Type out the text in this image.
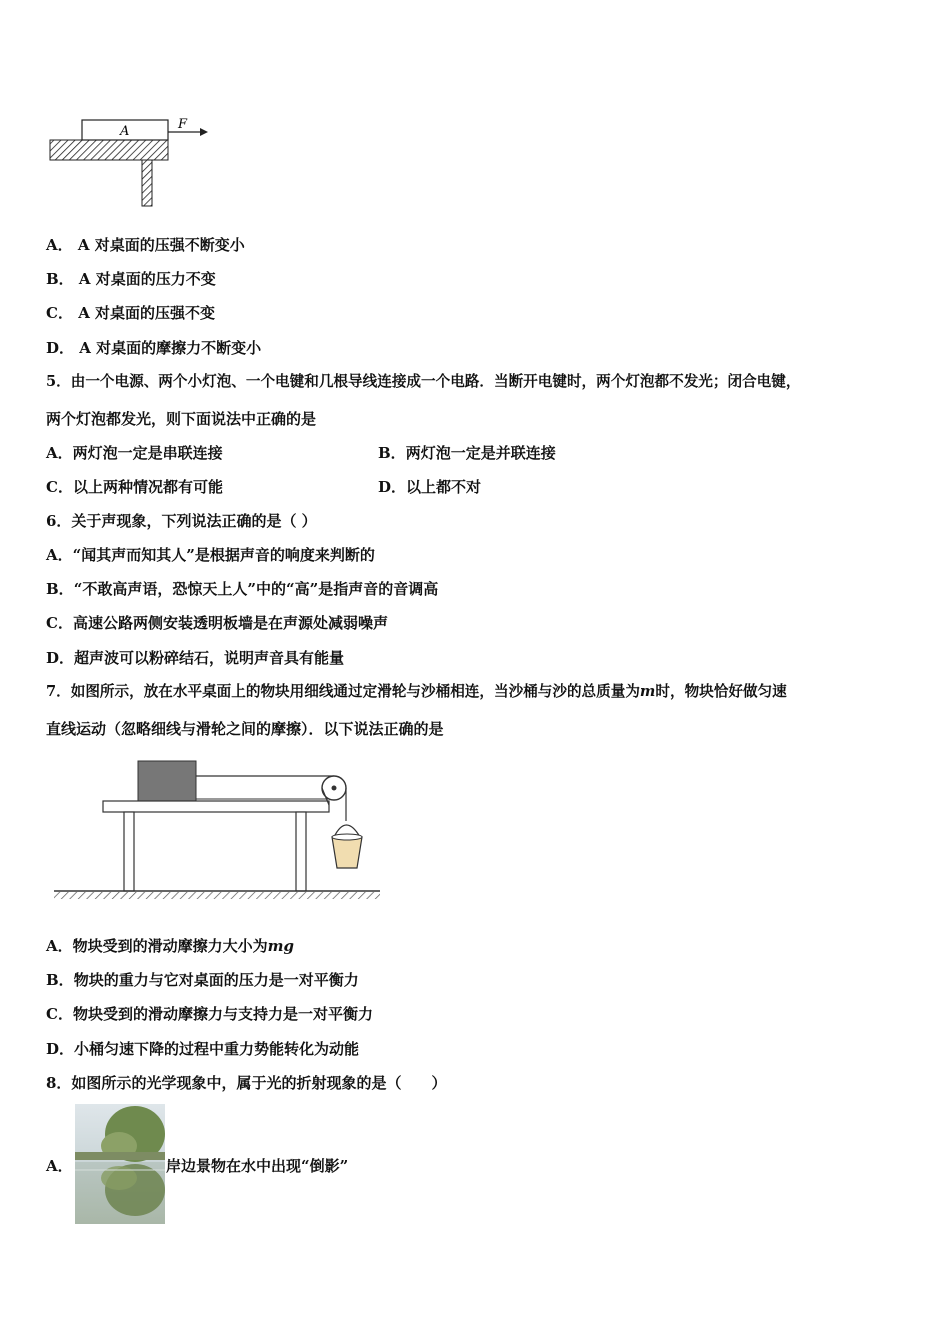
A	F
A． A 对桌面的压强不断变小
B． A 对桌面的压力不变
C． A 对桌面的压强不变
D． A 对桌面的摩擦力不断变小
5．由一个电源、两个小灯泡、一个电键和几根导线连接成一个电路．当断开电键时，两个灯泡都不发光；闭合电键，
两个灯泡都发光，则下面说法中正确的是
A．两灯泡一定是串联连接	B．两灯泡一定是并联连接
C．以上两种情况都有可能	D．以上都不对
6．关于声现象，下列说法正确的是（ ）
A．“闻其声而知其人”是根据声音的响度来判断的
B．“不敢高声语，恐惊天上人”中的“高”是指声音的音调高
C．高速公路两侧安装透明板墙是在声源处减弱噪声
D．超声波可以粉碎结石，说明声音具有能量
7．如图所示，放在水平桌面上的物块用细线通过定滑轮与沙桶相连，当沙桶与沙的总质量为m时，物块恰好做匀速
直线运动（忽略细线与滑轮之间的摩擦）．以下说法正确的是
A．物块受到的滑动摩擦力大小为mg
B．物块的重力与它对桌面的压力是一对平衡力
C．物块受到的滑动摩擦力与支持力是一对平衡力
D．小桶匀速下降的过程中重力势能转化为动能
8．如图所示的光学现象中，属于光的折射现象的是（　　）
A．	岸边景物在水中出现“倒影”
